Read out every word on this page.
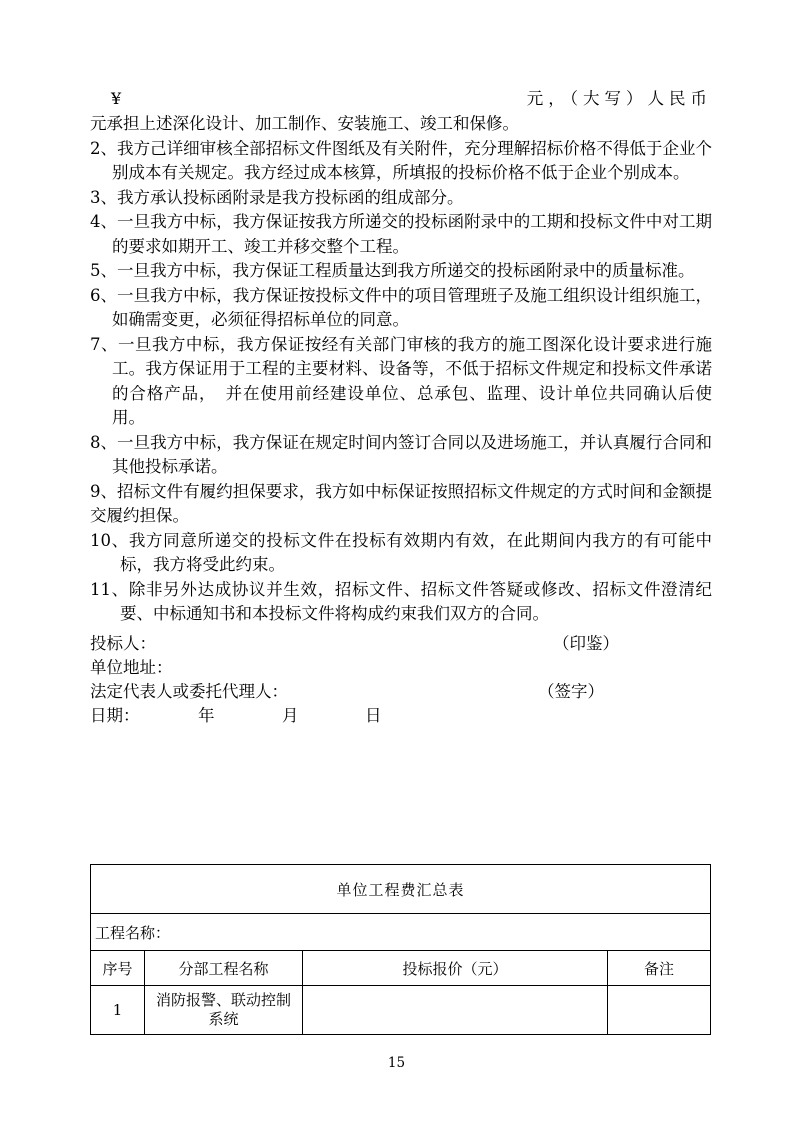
¥	元，（大写）人民币
元承担上述深化设计、加工制作、安装施工、竣工和保修。
2、我方己详细审核全部招标文件图纸及有关附件，充分理解招标价格不得低于企业个别成本有关规定。我方经过成本核算，所填报的投标价格不低于企业个别成本。
3、我方承认投标函附录是我方投标函的组成部分。
4、一旦我方中标，我方保证按我方所递交的投标函附录中的工期和投标文件中对工期的要求如期开工、竣工并移交整个工程。
5、一旦我方中标，我方保证工程质量达到我方所递交的投标函附录中的质量标准。
6、一旦我方中标，我方保证按投标文件中的项目管理班子及施工组织设计组织施工，如确需变更，必须征得招标单位的同意。
7、一旦我方中标，我方保证按经有关部门审核的我方的施工图深化设计要求进行施工。我方保证用于工程的主要材料、设备等，不低于招标文件规定和投标文件承诺的合格产品，　并在使用前经建设单位、总承包、监理、设计单位共同确认后使用。
8、一旦我方中标，我方保证在规定时间内签订合同以及进场施工，并认真履行合同和其他投标承诺。
9、招标文件有履约担保要求，我方如中标保证按照招标文件规定的方式时间和金额提交履约担保。
10、我方同意所递交的投标文件在投标有效期内有效，在此期间内我方的有可能中标，我方将受此约束。
11、除非另外达成协议并生效，招标文件、招标文件答疑或修改、招标文件澄清纪要、中标通知书和本投标文件将构成约束我们双方的合同。
投标人：	（印鉴）
单位地址：
法定代表人或委托代理人：	（签字）
日期：	年	月	日
单位工程费汇总表			
工程名称：			
序号	分部工程名称	投标报价（元）	备注
1	消防报警、联动控制系统		
15
